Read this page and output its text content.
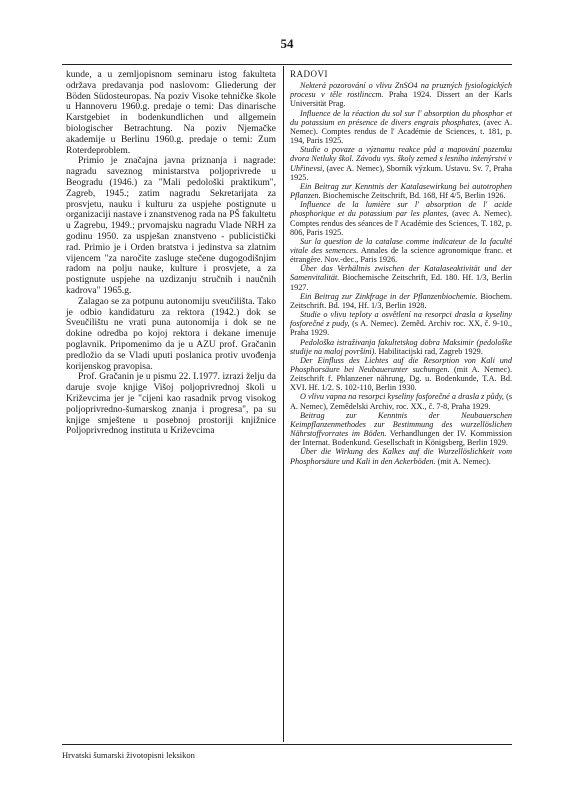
54

kunde, a u zemljopisnom seminaru istog fakulteta održava predavanja pod naslovom: Gliederung der Böden Südosteuropas. Na poziv Visoke tehničke škole u Hannoveru 1960.g. predaje o temi: Das dinarische Karstgebiet in bodenkundlichen und allgemein biologischer Betrachtung. Na poziv Njemačke akademije u Berlinu 1960.g. predaje o temi: Zum Roterdeproblem.

Primio je značajna javna priznanja i nagrade: nagradu saveznog ministarstva poljoprivrede u Beogradu (1946.) za "Mali pedološki praktikum", Zagreb, 1945.; zatim nagradu Sekretarijata za prosvjetu, nauku i kulturu za uspjehe postignute u organizaciji nastave i znanstvenog rada na PŠ fakultetu u Zagrebu, 1949.; prvomajsku nagradu Vlade NRH za godinu 1950. za uspješan znanstveno - publicistički rad. Primio je i Orden bratstva i jedinstva sa zlatnim vijencem "za naročite zasluge stečene dugogodišnjim radom na polju nauke, kulture i prosvjete, a za postignute uspjehe na uzdizanju stručnih i naučnih kadrova" 1965.g.

Zalagao se za potpunu autonomiju sveučilišta. Tako je odbio kandidaturu za rektora (1942.) dok se Sveučilištu ne vrati puna autonomija i dok se ne dokine odredba po kojoj rektora i dekane imenuje poglavnik. Pripomenimo da je u AZU prof. Gračanin predložio da se Vladi uputi poslanica protiv uvođenja korijenskog pravopisa.

Prof. Gračanin je u pismu 22. I.1977. izrazi želju da daruje svoje knjige Višoj poljoprivrednoj školi u Križevcima jer je "cijeni kao rasadnik prvog visokog poljoprivredno-šumarskog znanja i progresa", pa su knjige smještene u posebnoj prostoriji knjižnice Poljoprivrednog instituta u Križevcima

RADOVI

Nekterá pozorování o vlivu ZnSO4 na pruzných fysiologických procesu v těle rostlinccm. Praha 1924. Dissert an der Karls Universität Prag.

Influence de la réaction du sol sur l' absorption du phosphor et du potassium en présence de divers engrais phosphates, (avec A. Nemec). Comptes rendus de l' Académie de Sciences, t. 181, p. 194, Paris 1925.

Studie o povaze a významu reakce půd a mapování pozemku dvora Netluky škol. Závodu vys. školy zemed s lesního inženýrství v Uhřinevsi, (avec A. Nemec), Sborník výzkum. Ustavu. Sv. 7, Praha 1925.

Ein Beitrag zur Kenntnis der Katalasewirkung bei autotrophen Pflanzen. Biochemische Zeitschrift, Bd. 168, Hf 4/5, Berlin 1926.

Influence de la lumière sur l' absorption de l' acide phosphorique et du potassium par les plantes, (avec A. Nemec). Comptes rendus des séances de l' Académie des Sciences, T. 182, p. 806, Paris 1925.

Sur la question de la catalase comme indicateur de la faculté vitale des semences. Annales de la science agronomique franc. et étrangère. Nov.-dec., Paris 1926.

Über das Verhältnis zwischen der Katalaseaktivität und der Samenvitalität. Biochemische Zeitschrift, Ed. 180. Hf. 1/3, Berlin 1927.

Ein Beitrag zur Zinkfrage in der Pflanzenbiochemie. Biochem. Zeitschrift. Bd. 194, Hf. 1/3, Berlin 1928.

Studie o vlivu teploty a osvětlení na resorpci drasla a kyseliny fosforečné z pudy, (s A. Nemec). Zeměd. Archiv roc. XX, č. 9-10., Praha 1929.

Pedološka istraživanja fakultetskog dobra Maksimir (pedološke studije na maloj površini). Habilitacijski rad, Zagreb 1929.

Der Einfluss des Lichtes auf die Resorption von Kali und Phosphorsäure bei Neubauerunter suchungen. (mit A. Nemec). Zeitschrift f. Phlanzener nährung, Dg. u. Bodenkunde, T.A. Bd. XVI. Hf. 1/2. S. 102-110, Berlin 1930.

O vlivu vapna na resorpci kyseliny fosforečné a drasla z půdy, (s A. Nemec), Zemědelski Archiv, roc. XX., č. 7-8, Praha 1929.

Beitrag zur Kenntnis der Neubauerschen Keimpflanzenmethodes zur Bestimmung des wurzellöslichen Nährstoffvorrates im Böden. Verhandlungen der IV. Kommission der Internat. Bodenkund. Gesellschaft in Königsberg, Berlin 1929.

Über die Wirkung des Kalkes auf die Wurzellöslichkeit vom Phosphorsäure und Kali in den Ackerböden. (mit A. Nemec).

Hrvatski šumarski životopisni leksikon
